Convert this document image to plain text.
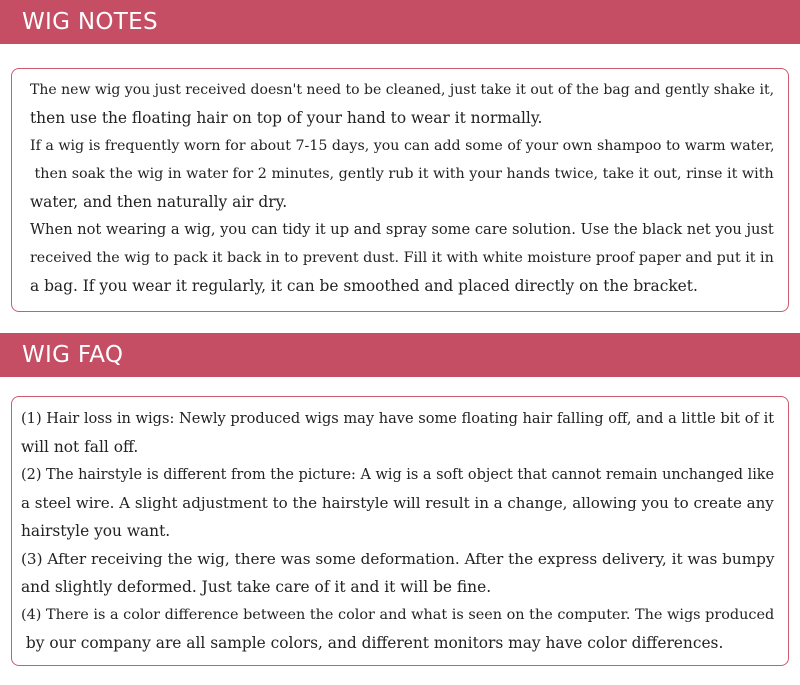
WIG NOTES
The new wig you just received doesn't need to be cleaned, just take it out of the bag and gently shake it,
then use the floating hair on top of your hand to wear it normally.
If a wig is frequently worn for about 7-15 days, you can add some of your own shampoo to warm water,
then soak the wig in water for 2 minutes, gently rub it with your hands twice, take it out, rinse it with
water, and then naturally air dry.
When not wearing a wig, you can tidy it up and spray some care solution. Use the black net you just
received the wig to pack it back in to prevent dust. Fill it with white moisture proof paper and put it in
a bag. If you wear it regularly, it can be smoothed and placed directly on the bracket.
WIG FAQ
(1) Hair loss in wigs: Newly produced wigs may have some floating hair falling off, and a little bit of it
will not fall off.
(2) The hairstyle is different from the picture: A wig is a soft object that cannot remain unchanged like
a steel wire. A slight adjustment to the hairstyle will result in a change, allowing you to create any
hairstyle you want.
(3) After receiving the wig, there was some deformation. After the express delivery, it was bumpy
and slightly deformed. Just take care of it and it will be fine.
(4) There is a color difference between the color and what is seen on the computer. The wigs produced
by our company are all sample colors, and different monitors may have color differences.
